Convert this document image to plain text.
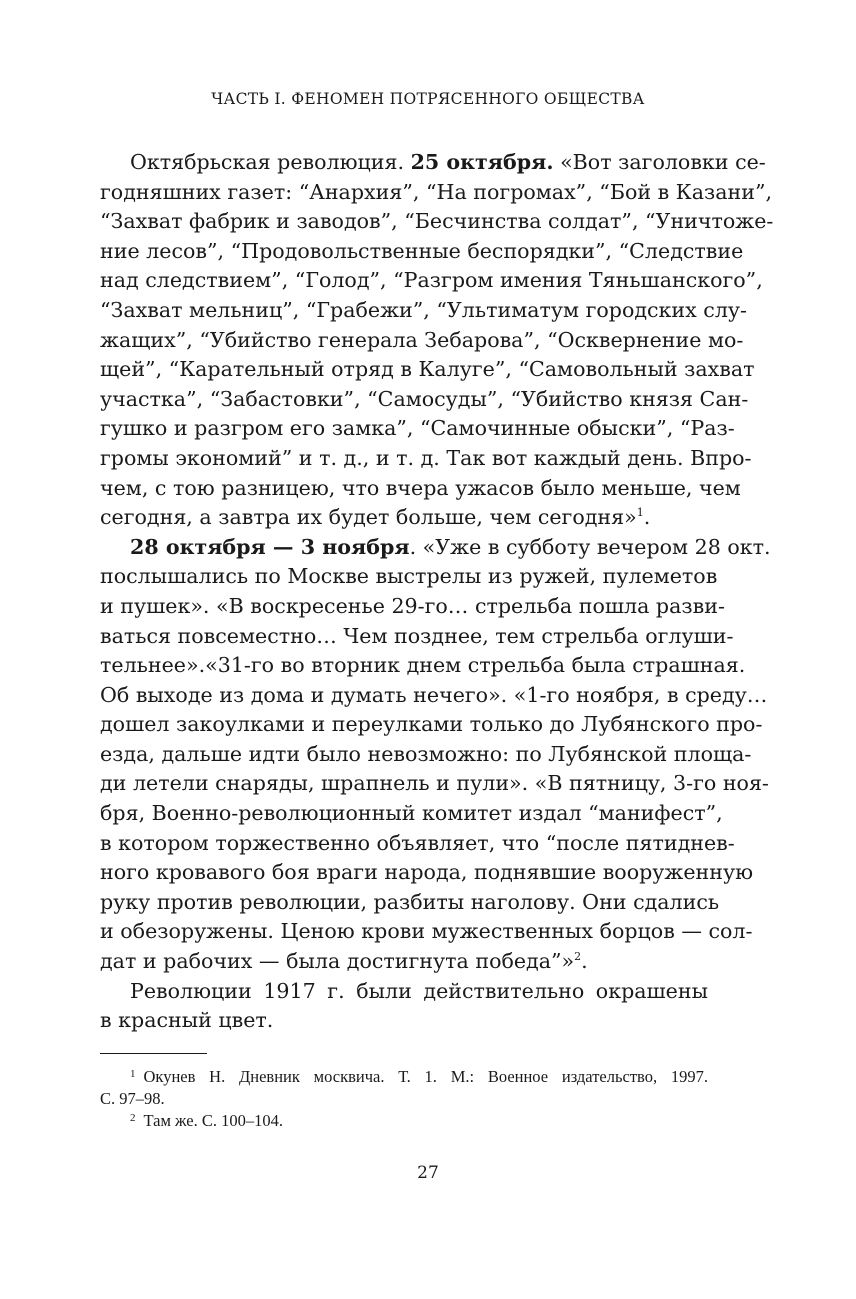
ЧАСТЬ I. ФЕНОМЕН ПОТРЯСЕННОГО ОБЩЕСТВА
Октябрьская революция. 25 октября. «Вот заголовки се-
годняшних газет: “Анархия”, “На погромах”, “Бой в Казани”,
“Захват фабрик и заводов”, “Бесчинства солдат”, “Уничтоже-
ние лесов”, “Продовольственные беспорядки”, “Следствие
над следствием”, “Голод”, “Разгром имения Тяньшанского”,
“Захват мельниц”, “Грабежи”, “Ультиматум городских слу-
жащих”, “Убийство генерала Зебарова”, “Осквернение мо-
щей”, “Карательный отряд в Калуге”, “Самовольный захват
участка”, “Забастовки”, “Самосуды”, “Убийство князя Сан-
гушко и разгром его замка”, “Самочинные обыски”, “Раз-
громы экономий” и т. д., и т. д. Так вот каждый день. Впро-
чем, с тою разницею, что вчера ужасов было меньше, чем
сегодня, а завтра их будет больше, чем сегодня»$^1$.
28 октября — 3 ноября. «Уже в субботу вечером 28 окт.
послышались по Москве выстрелы из ружей, пулеметов
и пушек». «В воскресенье 29-го… стрельба пошла разви-
ваться повсеместно… Чем позднее, тем стрельба оглуши-
тельнее».«31-го во вторник днем стрельба была страшная.
Об выходе из дома и думать нечего». «1-го ноября, в среду…
дошел закоулками и переулками только до Лубянского про-
езда, дальше идти было невозможно: по Лубянской площа-
ди летели снаряды, шрапнель и пули». «В пятницу, 3-го ноя-
бря, Военно-революционный комитет издал “манифест”,
в котором торжественно объявляет, что “после пятиднев-
ного кровавого боя враги народа, поднявшие вооруженную
руку против революции, разбиты наголову. Они сдались
и обезоружены. Ценою крови мужественных борцов — сол-
дат и рабочих — была достигнута победа”»$^2$.
Революции 1917 г. были действительно окрашены
в красный цвет.
$^1$ Окунев Н. Дневник москвича. Т. 1. М.: Военное издательство, 1997.
С. 97–98.
$^2$ Там же. С. 100–104.
27
